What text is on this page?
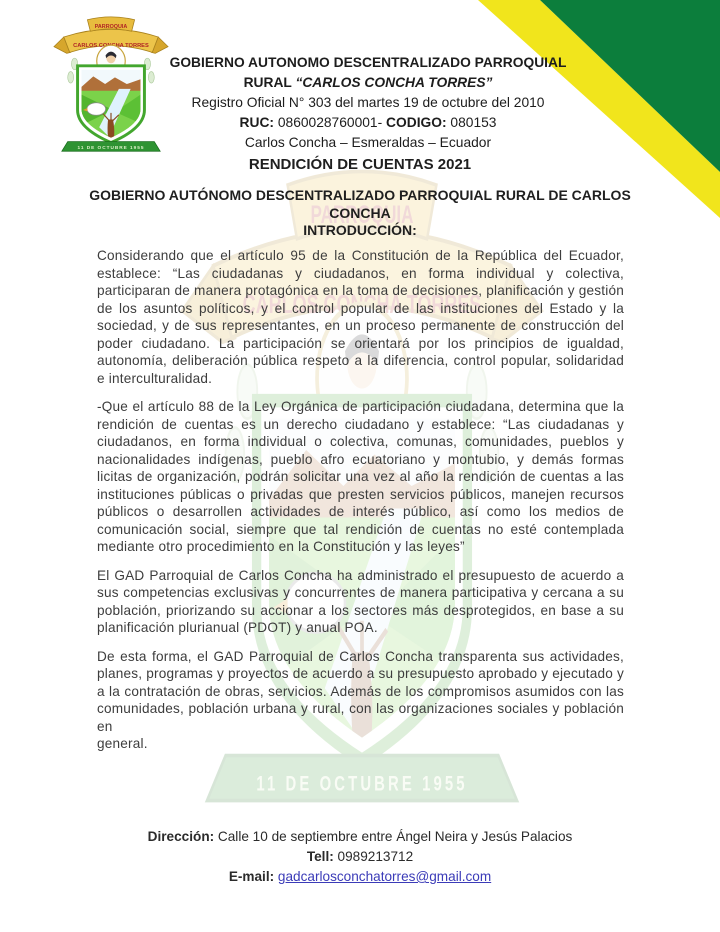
GOBIERNO AUTONOMO DESCENTRALIZADO PARROQUIAL
RURAL “CARLOS CONCHA TORRES”
Registro Oficial N° 303 del martes 19 de octubre del 2010
RUC: 0860028760001- CODIGO: 080153
Carlos Concha – Esmeraldas – Ecuador
RENDICIÓN DE CUENTAS 2021
GOBIERNO AUTÓNOMO DESCENTRALIZADO PARROQUIAL RURAL DE CARLOS
CONCHA
INTRODUCCIÓN:

Considerando que el artículo 95 de la Constitución de la República del Ecuador, establece: “Las ciudadanas y ciudadanos, en forma individual y colectiva, participaran de manera protagónica en la toma de decisiones, planificación y gestión de los asuntos políticos, y el control popular de las instituciones del Estado y la sociedad, y de sus representantes, en un proceso permanente de construcción del poder ciudadano. La participación se orientará por los principios de igualdad, autonomía, deliberación pública respeto a la diferencia, control popular, solidaridad e interculturalidad.

-Que el artículo 88 de la Ley Orgánica de participación ciudadana, determina que la rendición de cuentas es un derecho ciudadano y establece: “Las ciudadanas y ciudadanos, en forma individual o colectiva, comunas, comunidades, pueblos y nacionalidades indígenas, pueblo afro ecuatoriano y montubio, y demás formas licitas de organización, podrán solicitar una vez al año la rendición de cuentas a las instituciones públicas o privadas que presten servicios públicos, manejen recursos públicos o desarrollen actividades de interés público, así como los medios de comunicación social, siempre que tal rendición de cuentas no esté contemplada mediante otro procedimiento en la Constitución y las leyes”

El GAD Parroquial de Carlos Concha ha administrado el presupuesto de acuerdo a sus competencias exclusivas y concurrentes de manera participativa y cercana a su población, priorizando su accionar a los sectores más desprotegidos, en base a su planificación plurianual (PDOT) y anual POA.

De esta forma, el GAD Parroquial de Carlos Concha transparenta sus actividades, planes, programas y proyectos de acuerdo a su presupuesto aprobado y ejecutado y a la contratación de obras, servicios. Además de los compromisos asumidos con las comunidades, población urbana y rural, con las organizaciones sociales y población en

general.

Dirección: Calle 10 de septiembre entre Ángel Neira y Jesús Palacios
Tell: 0989213712
E-mail: gadcarlosconchatorres@gmail.com
